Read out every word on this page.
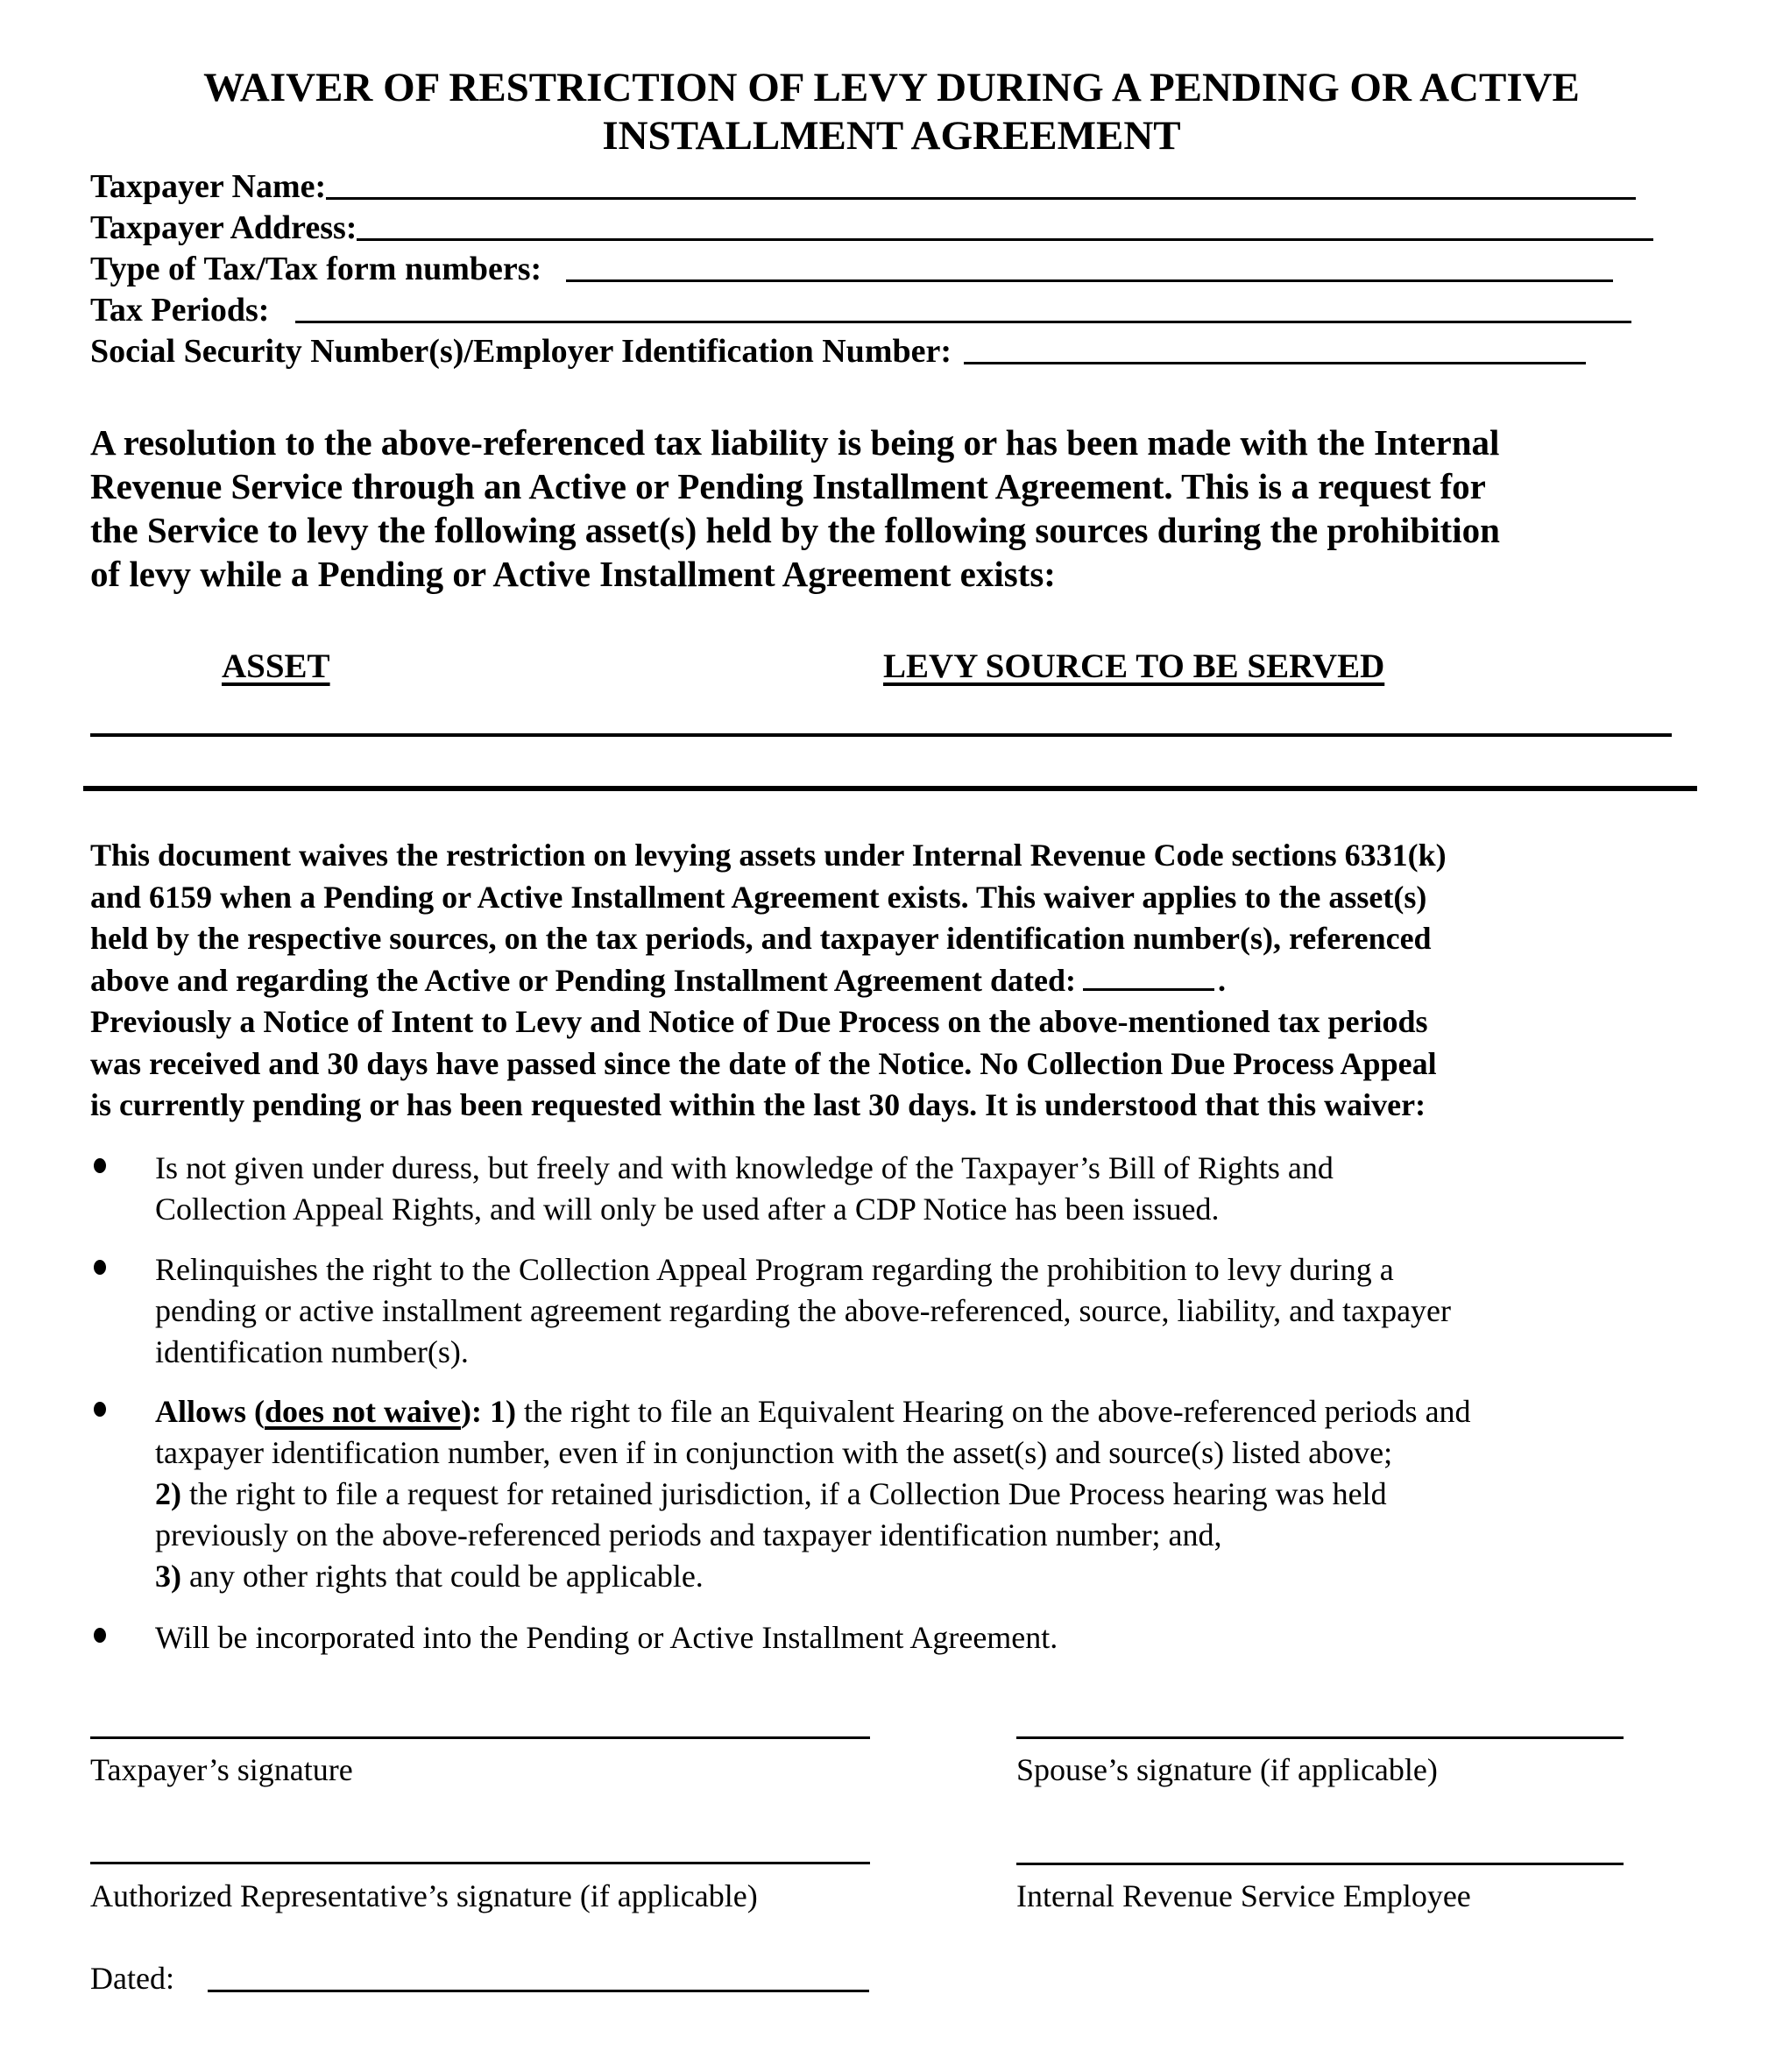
WAIVER OF RESTRICTION OF LEVY DURING A PENDING OR ACTIVE
INSTALLMENT AGREEMENT
Taxpayer Name:
Taxpayer Address:
Type of Tax/Tax form numbers:
Tax Periods:
Social Security Number(s)/Employer Identification Number:
A resolution to the above-referenced tax liability is being or has been made with the Internal
Revenue Service through an Active or Pending Installment Agreement. This is a request for
the Service to levy the following asset(s) held by the following sources during the prohibition
of levy while a Pending or Active Installment Agreement exists:
ASSET	LEVY SOURCE TO BE SERVED
This document waives the restriction on levying assets under Internal Revenue Code sections 6331(k)
and 6159 when a Pending or Active Installment Agreement exists. This waiver applies to the asset(s)
held by the respective sources, on the tax periods, and taxpayer identification number(s), referenced
above and regarding the Active or Pending Installment Agreement dated:	.
Previously a Notice of Intent to Levy and Notice of Due Process on the above-mentioned tax periods
was received and 30 days have passed since the date of the Notice. No Collection Due Process Appeal
is currently pending or has been requested within the last 30 days. It is understood that this waiver:
Is not given under duress, but freely and with knowledge of the Taxpayer’s Bill of Rights and
Collection Appeal Rights, and will only be used after a CDP Notice has been issued.
Relinquishes the right to the Collection Appeal Program regarding the prohibition to levy during a
pending or active installment agreement regarding the above-referenced, source, liability, and taxpayer
identification number(s).
Allows (does not waive): 1) the right to file an Equivalent Hearing on the above-referenced periods and
taxpayer identification number, even if in conjunction with the asset(s) and source(s) listed above;
2) the right to file a request for retained jurisdiction, if a Collection Due Process hearing was held
previously on the above-referenced periods and taxpayer identification number; and,
3) any other rights that could be applicable.
Will be incorporated into the Pending or Active Installment Agreement.
Taxpayer’s signature	Spouse’s signature (if applicable)
Authorized Representative’s signature (if applicable)	Internal Revenue Service Employee
Dated:
